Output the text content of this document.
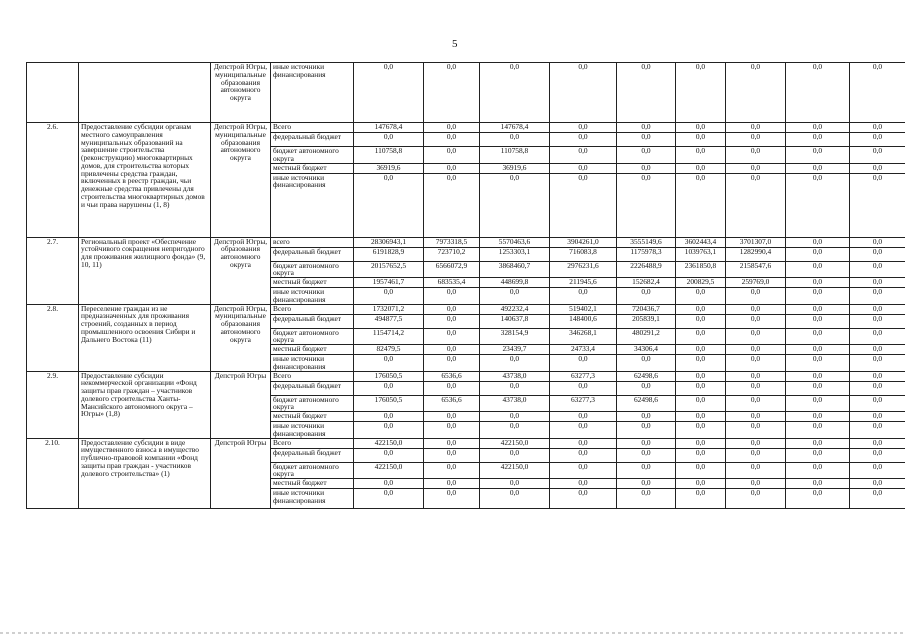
5
		Депстрой Югры, муниципальные образования автономного округа	иные источники финансирования	0,0	0,0	0,0	0,0	0,0	0,0	0,0	0,0	0,0
2.6.	Предоставление субсидии органам местного самоуправления муниципальных образований на завершение строительства (реконструкцию) многоквартирных домов, для строительства которых привлечены средства граждан, включенных в реестр граждан, чьи денежные средства привлечены для строительства многоквартирных домов и чьи права нарушены (1, 8)	Депстрой Югры, муниципальные образования автономного округа	Всего	147678,4	0,0	147678,4	0,0	0,0	0,0	0,0	0,0	0,0
			федеральный бюджет	0,0	0,0	0,0	0,0	0,0	0,0	0,0	0,0	0,0
			бюджет автономного округа	110758,8	0,0	110758,8	0,0	0,0	0,0	0,0	0,0	0,0
			местный бюджет	36919,6	0,0	36919,6	0,0	0,0	0,0	0,0	0,0	0,0
			иные источники финансирования	0,0	0,0	0,0	0,0	0,0	0,0	0,0	0,0	0,0
2.7.	Региональный проект «Обеспечение устойчивого сокращения непригодного для проживания жилищного фонда» (9, 10, 11)	Депстрой Югры, образования автономного округа	всего	28306943,1	7973318,5	5570463,6	3904261,0	3555149,6	3602443,4	3701307,0	0,0	0,0
			федеральный бюджет	6191828,9	723710,2	1253303,1	716083,8	1175978,3	1039763,1	1282990,4	0,0	0,0
			бюджет автономного округа	20157652,5	6566072,9	3868460,7	2976231,6	2226488,9	2361850,8	2158547,6	0,0	0,0
			местный бюджет	1957461,7	683535,4	448699,8	211945,6	152682,4	200829,5	259769,0	0,0	0,0
			иные источники финансирования	0,0	0,0	0,0	0,0	0,0	0,0	0,0	0,0	0,0
2.8.	Переселение граждан из не предназначенных для проживания строений, созданных в период промышленного освоения Сибири и Дальнего Востока (11)	Депстрой Югры, муниципальные образования автономного округа	Всего	1732071,2	0,0	492232,4	519402,1	720436,7	0,0	0,0	0,0	0,0
			федеральный бюджет	494877,5	0,0	140637,8	148400,6	205839,1	0,0	0,0	0,0	0,0
			бюджет автономного округа	1154714,2	0,0	328154,9	346268,1	480291,2	0,0	0,0	0,0	0,0
			местный бюджет	82479,5	0,0	23439,7	24733,4	34306,4	0,0	0,0	0,0	0,0
			иные источники финансирования	0,0	0,0	0,0	0,0	0,0	0,0	0,0	0,0	0,0
2.9.	Предоставление субсидии некоммерческой организации «Фонд защиты прав граждан – участников долевого строительства Ханты-Мансийского автономного округа – Югры» (1,8)	Депстрой Югры	Всего	176050,5	6536,6	43738,0	63277,3	62498,6	0,0	0,0	0,0	0,0
			федеральный бюджет	0,0	0,0	0,0	0,0	0,0	0,0	0,0	0,0	0,0
			бюджет автономного округа	176050,5	6536,6	43738,0	63277,3	62498,6	0,0	0,0	0,0	0,0
			местный бюджет	0,0	0,0	0,0	0,0	0,0	0,0	0,0	0,0	0,0
			иные источники финансирования	0,0	0,0	0,0	0,0	0,0	0,0	0,0	0,0	0,0
2.10.	Предоставление субсидии в виде имущественного взноса в имущество публично-правовой компании «Фонд защиты прав граждан - участников долевого строительства» (1)	Депстрой Югры	Всего	422150,0	0,0	422150,0	0,0	0,0	0,0	0,0	0,0	0,0
			федеральный бюджет	0,0	0,0	0,0	0,0	0,0	0,0	0,0	0,0	0,0
			бюджет автономного округа	422150,0	0,0	422150,0	0,0	0,0	0,0	0,0	0,0	0,0
			местный бюджет	0,0	0,0	0,0	0,0	0,0	0,0	0,0	0,0	0,0
			иные источники финансирования	0,0	0,0	0,0	0,0	0,0	0,0	0,0	0,0	0,0
